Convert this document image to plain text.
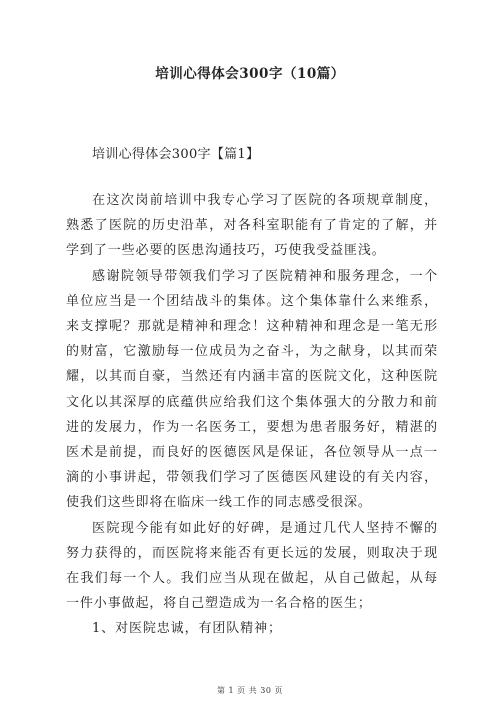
培训心得体会300字（10篇）
培训心得体会300字【篇1】

在这次岗前培训中我专心学习了医院的各项规章制度，熟悉了医院的历史沿革，对各科室职能有了肯定的了解，并学到了一些必要的医患沟通技巧，巧使我受益匪浅。

感谢院领导带领我们学习了医院精神和服务理念，一个单位应当是一个团结战斗的集体。这个集体靠什么来维系，来支撑呢？那就是精神和理念！这种精神和理念是一笔无形的财富，它激励每一位成员为之奋斗，为之献身，以其而荣耀，以其而自豪，当然还有内涵丰富的医院文化，这种医院文化以其深厚的底蕴供应给我们这个集体强大的分散力和前进的发展力，作为一名医务工，要想为患者服务好，精湛的医术是前提，而良好的医德医风是保证，各位领导从一点一滴的小事讲起，带领我们学习了医德医风建设的有关内容，使我们这些即将在临床一线工作的同志感受很深。

医院现今能有如此好的好碑，是通过几代人坚持不懈的努力获得的，而医院将来能否有更长远的发展，则取决于现在我们每一个人。我们应当从现在做起，从自己做起，从每一件小事做起，将自己塑造成为一名合格的医生；

1、对医院忠诚，有团队精神；

第 1 页 共 30 页
